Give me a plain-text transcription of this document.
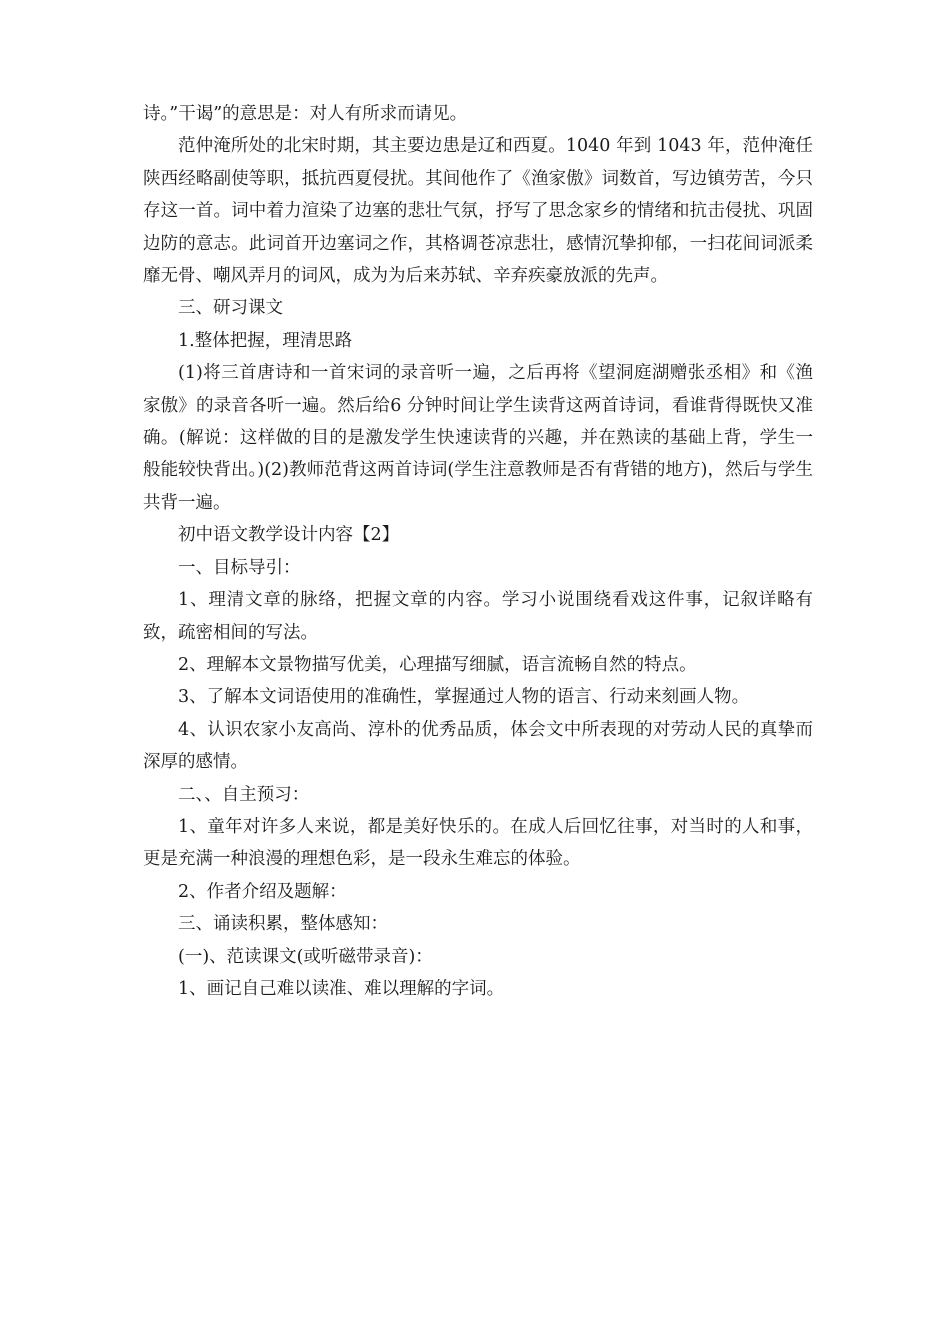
诗。”干谒”的意思是：对人有所求而请见。

范仲淹所处的北宋时期，其主要边患是辽和西夏。1040 年到 1043 年，范仲淹任陕西经略副使等职，抵抗西夏侵扰。其间他作了《渔家傲》词数首，写边镇劳苦，今只存这一首。词中着力渲染了边塞的悲壮气氛，抒写了思念家乡的情绪和抗击侵扰、巩固边防的意志。此词首开边塞词之作，其格调苍凉悲壮，感情沉挚抑郁，一扫花间词派柔靡无骨、嘲风弄月的词风，成为为后来苏轼、辛弃疾豪放派的先声。

三、研习课文

1.整体把握，理清思路

(1)将三首唐诗和一首宋词的录音听一遍，之后再将《望洞庭湖赠张丞相》和《渔家傲》的录音各听一遍。然后给6 分钟时间让学生读背这两首诗词，看谁背得既快又准确。(解说：这样做的目的是激发学生快速读背的兴趣，并在熟读的基础上背，学生一般能较快背出。)(2)教师范背这两首诗词(学生注意教师是否有背错的地方)，然后与学生共背一遍。

初中语文教学设计内容【2】

一、目标导引：

1、理清文章的脉络，把握文章的内容。学习小说围绕看戏这件事，记叙详略有致，疏密相间的写法。

2、理解本文景物描写优美，心理描写细腻，语言流畅自然的特点。

3、了解本文词语使用的准确性，掌握通过人物的语言、行动来刻画人物。

4、认识农家小友高尚、淳朴的优秀品质，体会文中所表现的对劳动人民的真挚而深厚的感情。

二、、自主预习：

1、童年对许多人来说，都是美好快乐的。在成人后回忆往事，对当时的人和事，更是充满一种浪漫的理想色彩，是一段永生难忘的体验。

2、作者介绍及题解：

三、诵读积累，整体感知：

(一)、范读课文(或听磁带录音)：

1、画记自己难以读准、难以理解的字词。
